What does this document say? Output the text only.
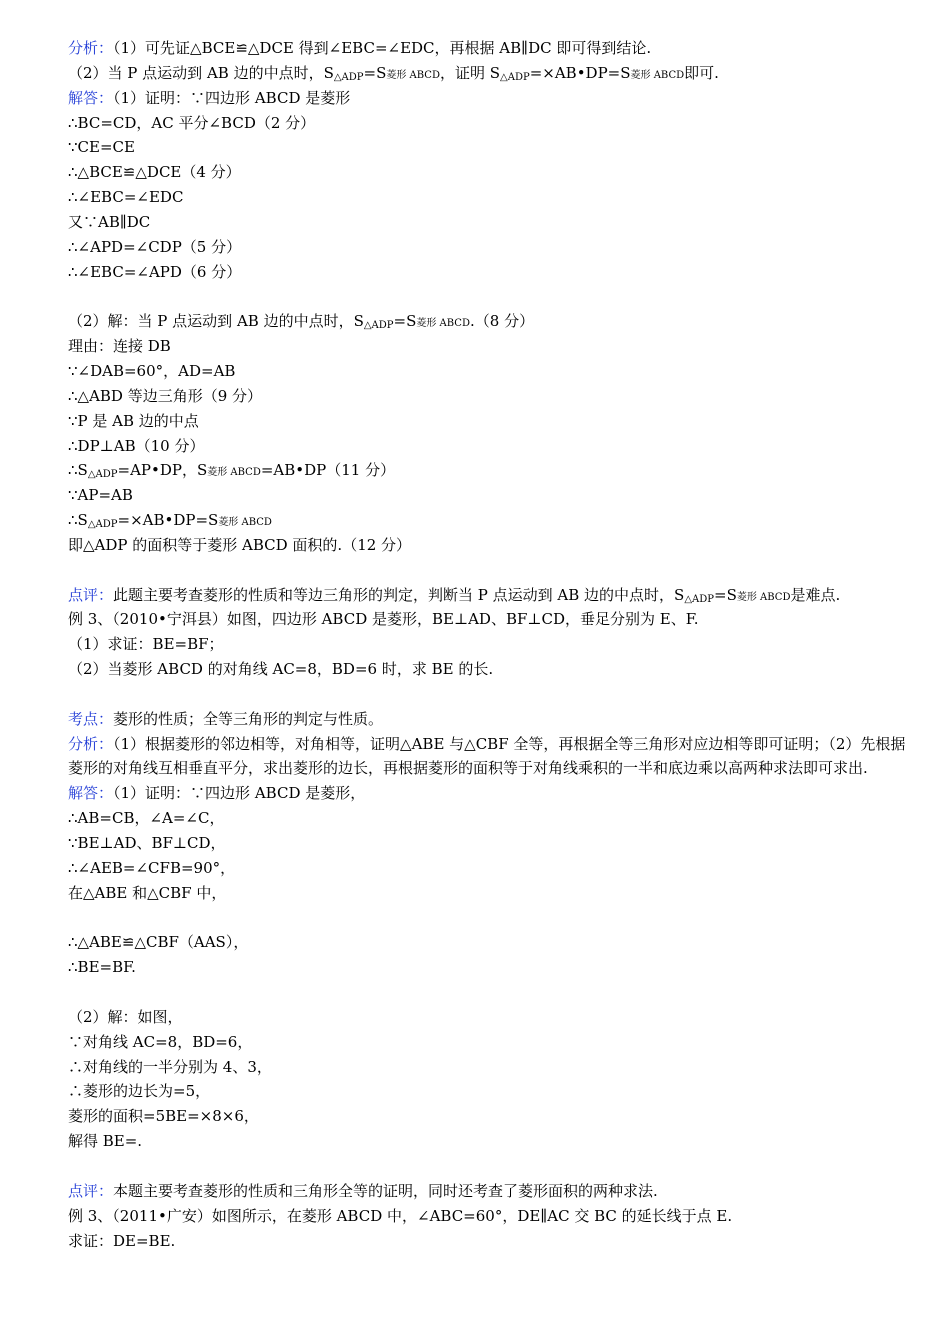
分析：（1）可先证△BCE≌△DCE 得到∠EBC=∠EDC，再根据 AB∥DC 即可得到结论.
（2）当 P 点运动到 AB 边的中点时，$S_{\triangle ADP}=S$菱形 ABCD，证明 $S_{\triangle ADP}=\times AB•DP=S$菱形 ABCD即可.
解答：（1）证明：∵四边形 ABCD 是菱形
∴BC=CD，AC 平分∠BCD（2 分）
∵CE=CE
∴△BCE≌△DCE（4 分）
∴∠EBC=∠EDC
又∵AB∥DC
∴∠APD=∠CDP（5 分）
∴∠EBC=∠APD（6 分）
（2）解：当 P 点运动到 AB 边的中点时，$S_{\triangle ADP}=S$菱形 ABCD.（8 分）
理由：连接 DB
∵∠DAB=60°，AD=AB
∴△ABD 等边三角形（9 分）
∵P 是 AB 边的中点
∴DP⊥AB（10 分）
$\therefore S_{\triangle ADP}=AP•DP$，S菱形 ABCD=AB•DP（11 分）
∵AP=AB
$\therefore S_{\triangle ADP}=\times AB•DP=S$菱形 ABCD
即△ADP 的面积等于菱形 ABCD 面积的.（12 分）
点评：此题主要考查菱形的性质和等边三角形的判定，判断当 P 点运动到 AB 边的中点时，$S_{\triangle ADP}=S$菱形 ABCD是难点.
例 3、（2010•宁洱县）如图，四边形 ABCD 是菱形，BE⊥AD、BF⊥CD，垂足分别为 E、F.
（1）求证：BE=BF；
（2）当菱形 ABCD 的对角线 AC=8，BD=6 时，求 BE 的长.
考点：菱形的性质；全等三角形的判定与性质。
分析：（1）根据菱形的邻边相等，对角相等，证明△ABE 与△CBF 全等，再根据全等三角形对应边相等即可证明；（2）先根据菱形的对角线互相垂直平分，求出菱形的边长，再根据菱形的面积等于对角线乘积的一半和底边乘以高两种求法即可求出.
解答：（1）证明：∵四边形 ABCD 是菱形，
∴AB=CB，∠A=∠C，
∵BE⊥AD、BF⊥CD，
∴∠AEB=∠CFB=90°，
在△ABE 和△CBF 中，
∴△ABE≌△CBF（AAS），
∴BE=BF.
（2）解：如图，
∵对角线 AC=8，BD=6，
∴对角线的一半分别为 4、3，
∴菱形的边长为=5，
菱形的面积=5BE=×8×6，
解得 BE=.
点评：本题主要考查菱形的性质和三角形全等的证明，同时还考查了菱形面积的两种求法.
例 3、（2011•广安）如图所示，在菱形 ABCD 中，∠ABC=60°，DE∥AC 交 BC 的延长线于点 E.
求证：DE=BE.
